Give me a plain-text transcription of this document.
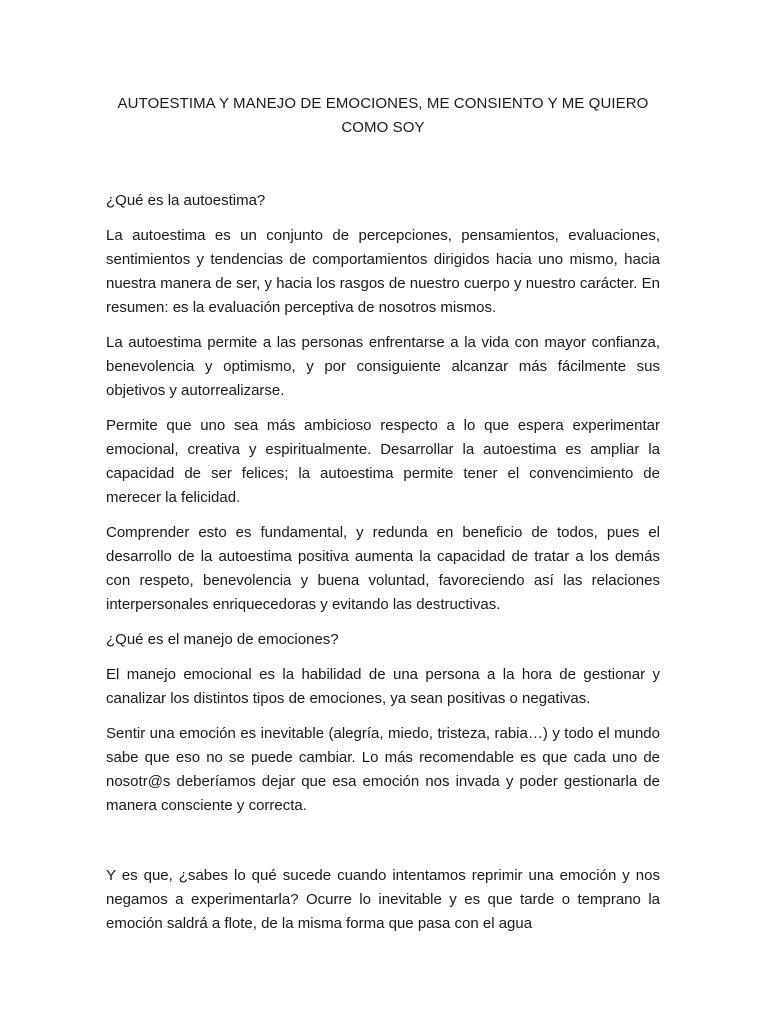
AUTOESTIMA Y MANEJO DE EMOCIONES, ME CONSIENTO Y ME QUIERO COMO SOY
¿Qué es la autoestima?

La autoestima es un conjunto de percepciones, pensamientos, evaluaciones, sentimientos y tendencias de comportamientos dirigidos hacia uno mismo, hacia nuestra manera de ser, y hacia los rasgos de nuestro cuerpo y nuestro carácter. En resumen: es la evaluación perceptiva de nosotros mismos.

La autoestima permite a las personas enfrentarse a la vida con mayor confianza, benevolencia y optimismo, y por consiguiente alcanzar más fácilmente sus objetivos y autorrealizarse.

Permite que uno sea más ambicioso respecto a lo que espera experimentar emocional, creativa y espiritualmente. Desarrollar la autoestima es ampliar la capacidad de ser felices; la autoestima permite tener el convencimiento de merecer la felicidad.

Comprender esto es fundamental, y redunda en beneficio de todos, pues el desarrollo de la autoestima positiva aumenta la capacidad de tratar a los demás con respeto, benevolencia y buena voluntad, favoreciendo así las relaciones interpersonales enriquecedoras y evitando las destructivas.

¿Qué es el manejo de emociones?

El manejo emocional es la habilidad de una persona a la hora de gestionar y canalizar los distintos tipos de emociones, ya sean positivas o negativas.

Sentir una emoción es inevitable (alegría, miedo, tristeza, rabia…) y todo el mundo sabe que eso no se puede cambiar. Lo más recomendable es que cada uno de nosotr@s deberíamos dejar que esa emoción nos invada y poder gestionarla de manera consciente y correcta.

Y es que, ¿sabes lo qué sucede cuando intentamos reprimir una emoción y nos negamos a experimentarla? Ocurre lo inevitable y es que tarde o temprano la emoción saldrá a flote, de la misma forma que pasa con el agua
